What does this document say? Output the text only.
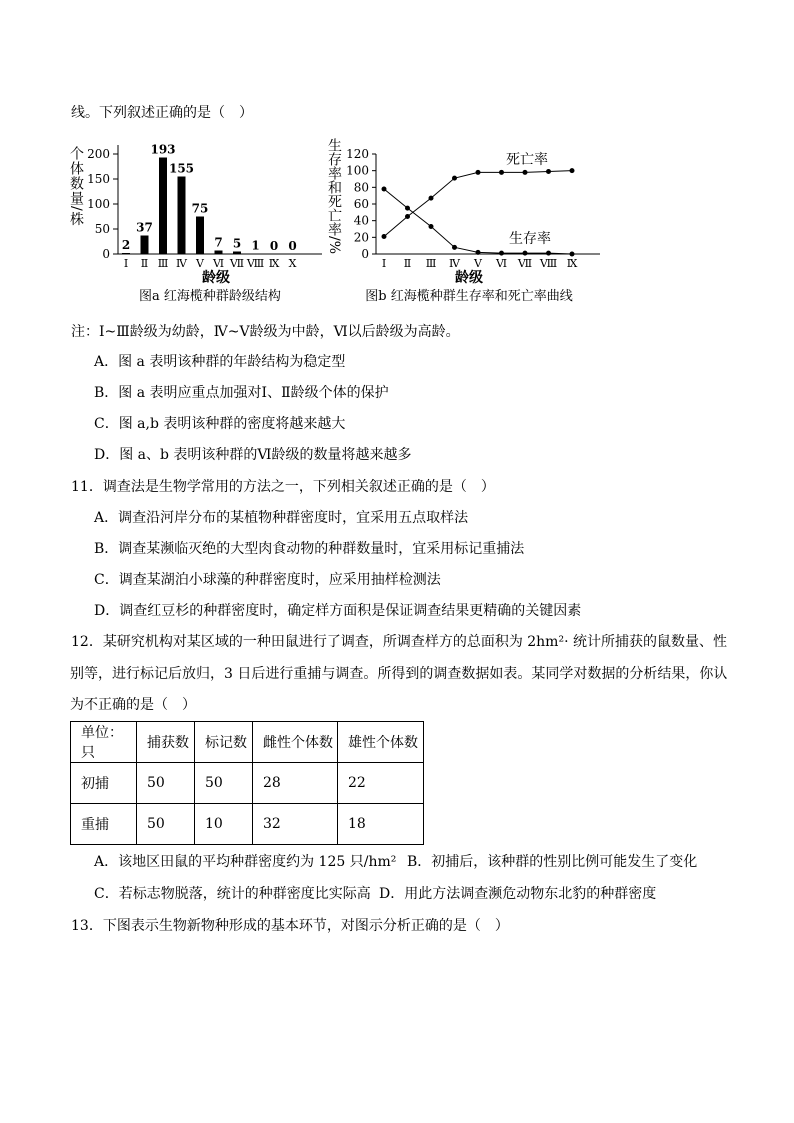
线。下列叙述正确的是（　）
个体数量/株 200
150
100
50
0
2
Ⅰ
37
Ⅱ
193
Ⅲ
155
Ⅳ
75
Ⅴ
7
Ⅵ
5
Ⅶ
1
Ⅷ
0
Ⅸ
0
Ⅹ
龄级
图a 红海榄种群龄级结构
生存率和死亡率/% 120
100
80
60
40
20
0
Ⅰ Ⅱ Ⅲ Ⅳ Ⅴ Ⅵ Ⅶ Ⅷ Ⅸ
死亡率
生存率
龄级
图b 红海榄种群生存率和死亡率曲线
注：Ⅰ~Ⅲ龄级为幼龄，Ⅳ~Ⅴ龄级为中龄，Ⅵ以后龄级为高龄。
A．图 a 表明该种群的年龄结构为稳定型
B．图 a 表明应重点加强对Ⅰ、Ⅱ龄级个体的保护
C．图 a,b 表明该种群的密度将越来越大
D．图 a、b 表明该种群的Ⅵ龄级的数量将越来越多
11．调查法是生物学常用的方法之一，下列相关叙述正确的是（　）
A．调查沿河岸分布的某植物种群密度时，宜采用五点取样法
B．调查某濒临灭绝的大型肉食动物的种群数量时，宜采用标记重捕法
C．调查某湖泊小球藻的种群密度时，应采用抽样检测法
D．调查红豆杉的种群密度时，确定样方面积是保证调查结果更精确的关键因素
12．某研究机构对某区域的一种田鼠进行了调查，所调查样方的总面积为 2hm²· 统计所捕获的鼠数量、性
别等，进行标记后放归，3 日后进行重捕与调查。所得到的调查数据如表。某同学对数据的分析结果，你认
为不正确的是（　）
单位：只	捕获数	标记数	雌性个体数	雄性个体数
初捕	50	50	28	22
重捕	50	10	32	18
A．该地区田鼠的平均种群密度约为 125 只/hm² B．初捕后，该种群的性别比例可能发生了变化
C．若标志物脱落，统计的种群密度比实际高 D．用此方法调查濒危动物东北豹的种群密度
13．下图表示生物新物种形成的基本环节，对图示分析正确的是（　）
